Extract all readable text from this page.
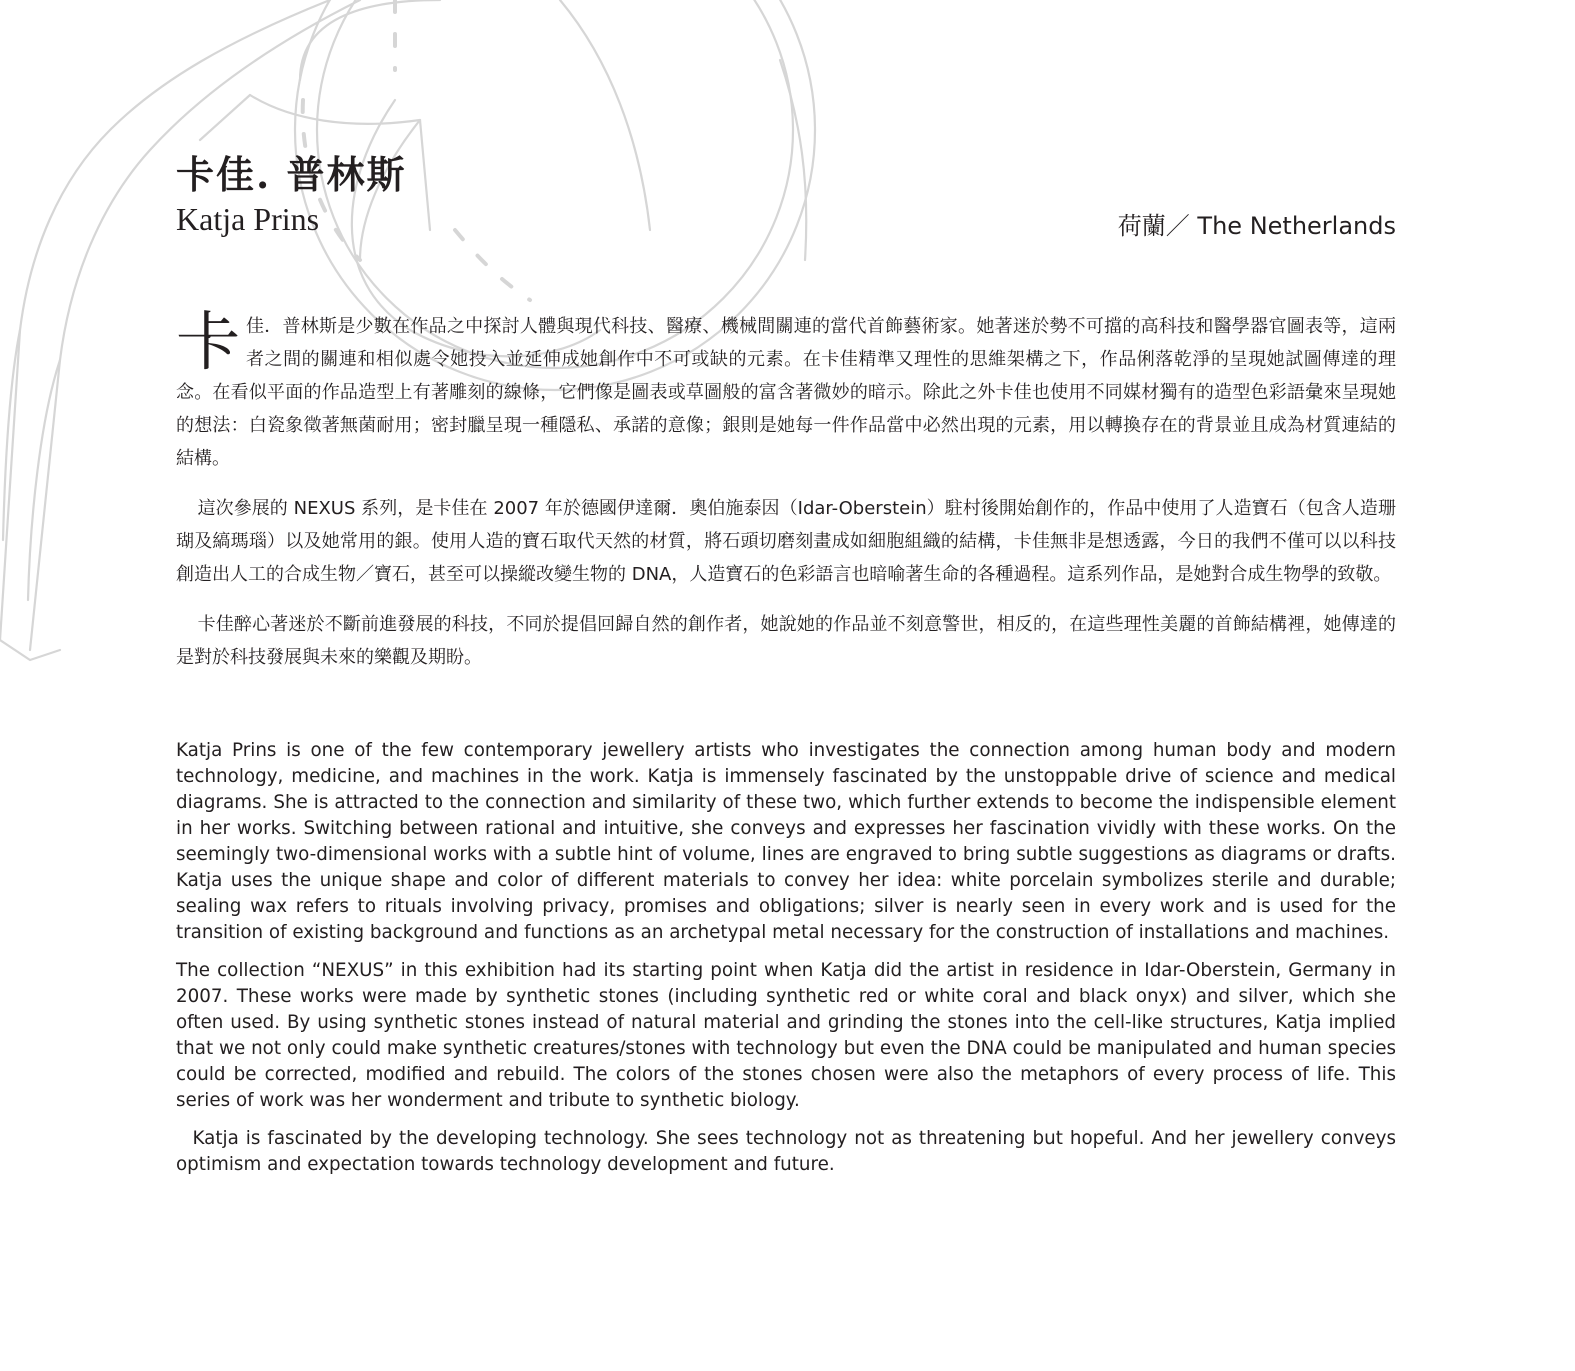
卡佳. 普林斯
Katja Prins	荷蘭／ The Netherlands

卡佳．普林斯是少數在作品之中探討人體與現代科技、醫療、機械間關連的當代首飾藝術家。她著迷於勢不可擋的高科技和醫學器官圖表等，這兩者之間的關連和相似處令她投入並延伸成她創作中不可或缺的元素。在卡佳精準又理性的思維架構之下，作品俐落乾淨的呈現她試圖傳達的理念。在看似平面的作品造型上有著雕刻的線條，它們像是圖表或草圖般的富含著微妙的暗示。除此之外卡佳也使用不同媒材獨有的造型色彩語彙來呈現她的想法：白瓷象徵著無菌耐用；密封臘呈現一種隱私、承諾的意像；銀則是她每一件作品當中必然出現的元素，用以轉換存在的背景並且成為材質連結的結構。

這次參展的 NEXUS 系列，是卡佳在 2007 年於德國伊達爾．奧伯施泰因（Idar-Oberstein）駐村後開始創作的，作品中使用了人造寶石（包含人造珊瑚及縞瑪瑙）以及她常用的銀。使用人造的寶石取代天然的材質，將石頭切磨刻畫成如細胞組織的結構，卡佳無非是想透露，今日的我們不僅可以以科技創造出人工的合成生物／寶石，甚至可以操縱改變生物的 DNA，人造寶石的色彩語言也暗喻著生命的各種過程。這系列作品，是她對合成生物學的致敬。

卡佳醉心著迷於不斷前進發展的科技，不同於提倡回歸自然的創作者，她說她的作品並不刻意警世，相反的，在這些理性美麗的首飾結構裡，她傳達的是對於科技發展與未來的樂觀及期盼。

Katja Prins is one of the few contemporary jewellery artists who investigates the connection among human body and modern technology, medicine, and machines in the work. Katja is immensely fascinated by the unstoppable drive of science and medical diagrams. She is attracted to the connection and similarity of these two, which further extends to become the indispensible element in her works. Switching between rational and intuitive, she conveys and expresses her fascination vividly with these works. On the seemingly two-dimensional works with a subtle hint of volume, lines are engraved to bring subtle suggestions as diagrams or drafts. Katja uses the unique shape and color of different materials to convey her idea: white porcelain symbolizes sterile and durable; sealing wax refers to rituals involving privacy, promises and obligations; silver is nearly seen in every work and is used for the transition of existing background and functions as an archetypal metal necessary for the construction of installations and machines.

The collection “NEXUS” in this exhibition had its starting point when Katja did the artist in residence in Idar-Oberstein, Germany in 2007. These works were made by synthetic stones (including synthetic red or white coral and black onyx) and silver, which she often used. By using synthetic stones instead of natural material and grinding the stones into the cell-like structures, Katja implied that we not only could make synthetic creatures/stones with technology but even the DNA could be manipulated and human species could be corrected, modified and rebuild. The colors of the stones chosen were also the metaphors of every process of life. This series of work was her wonderment and tribute to synthetic biology.

Katja is fascinated by the developing technology. She sees technology not as threatening but hopeful. And her jewellery conveys optimism and expectation towards technology development and future.
